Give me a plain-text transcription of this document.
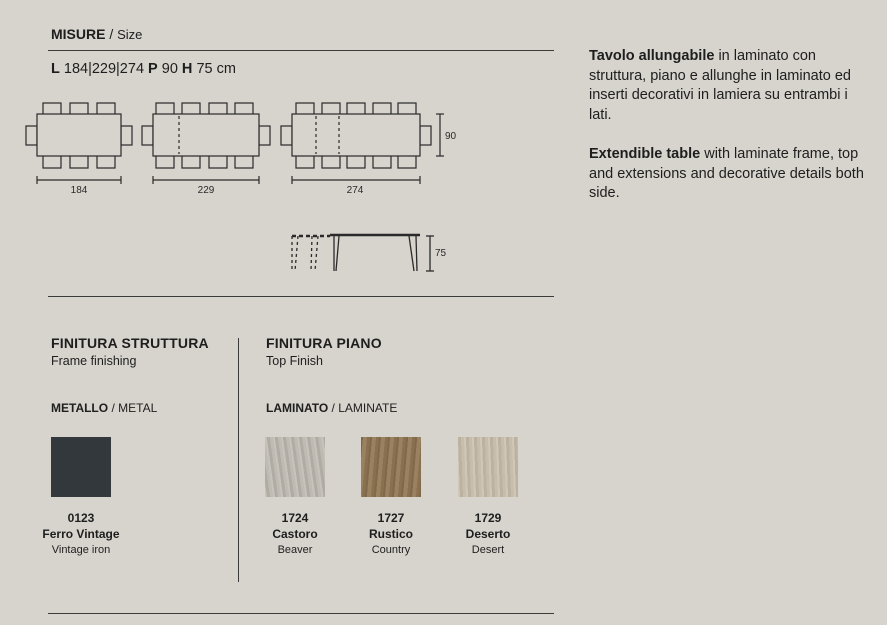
MISURE / Size
L 184|229|274 P 90 H 75 cm
184	229	274
90
75
Tavolo allungabile in laminato con struttura, piano e allunghe in laminato ed inserti decorativi in lamiera su entrambi i lati.
Extendible table with laminate frame, top and extensions and decorative details both side.
FINITURA STRUTTURA
Frame finishing
METALLO / METAL
0123
Ferro Vintage
Vintage iron
FINITURA PIANO
Top Finish
LAMINATO / LAMINATE
1724
Castoro
Beaver
1727
Rustico
Country
1729
Deserto
Desert
